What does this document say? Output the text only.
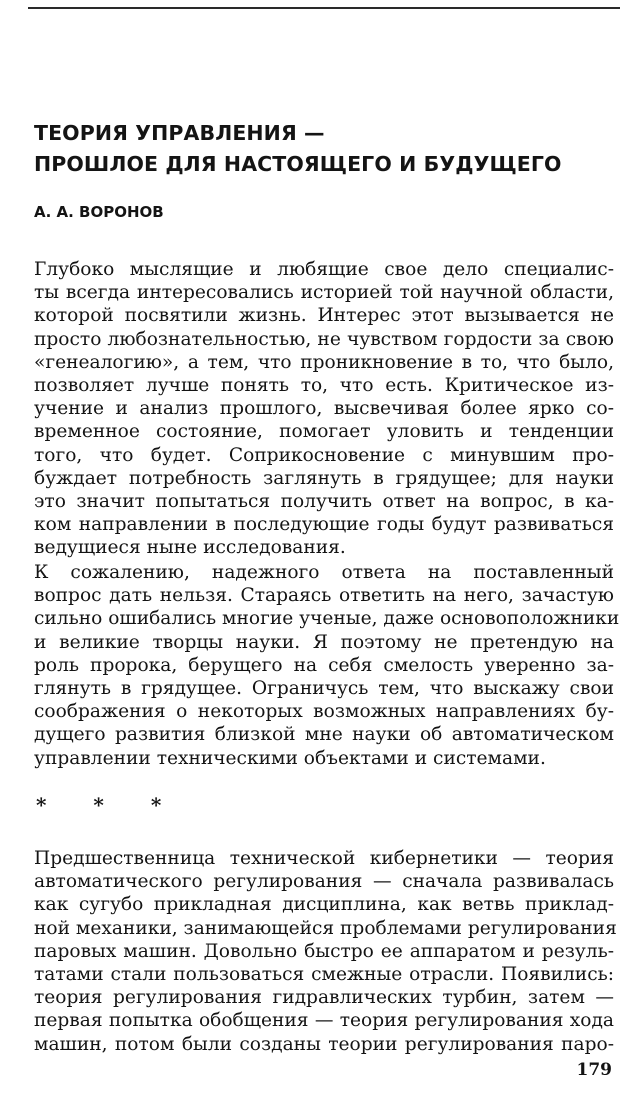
ТЕОРИЯ УПРАВЛЕНИЯ —
ПРОШЛОЕ ДЛЯ НАСТОЯЩЕГО И БУДУЩЕГО

А. А. ВОРОНОВ

Глубоко мыслящие и любящие свое дело специалис-
ты всегда интересовались историей той научной области,
которой посвятили жизнь. Интерес этот вызывается не
просто любознательностью, не чувством гордости за свою
«генеалогию», а тем, что проникновение в то, что было,
позволяет лучше понять то, что есть. Критическое из-
учение и анализ прошлого, высвечивая более ярко со-
временное состояние, помогает уловить и тенденции
того, что будет. Соприкосновение с минувшим про-
буждает потребность заглянуть в грядущее; для науки
это значит попытаться получить ответ на вопрос, в ка-
ком направлении в последующие годы будут развиваться
ведущиеся ныне исследования.
К сожалению, надежного ответа на поставленный
вопрос дать нельзя. Стараясь ответить на него, зачастую
сильно ошибались многие ученые, даже основоположники
и великие творцы науки. Я поэтому не претендую на
роль пророка, берущего на себя смелость уверенно за-
глянуть в грядущее. Ограничусь тем, что выскажу свои
соображения о некоторых возможных направлениях бу-
дущего развития близкой мне науки об автоматическом
управлении техническими объектами и системами.
* * *
Предшественница технической кибернетики — теория
автоматического регулирования — сначала развивалась
как сугубо прикладная дисциплина, как ветвь приклад-
ной механики, занимающейся проблемами регулирования
паровых машин. Довольно быстро ее аппаратом и резуль-
татами стали пользоваться смежные отрасли. Появились:
теория регулирования гидравлических турбин, затем —
первая попытка обобщения — теория регулирования хода
машин, потом были созданы теории регулирования паро-
179
